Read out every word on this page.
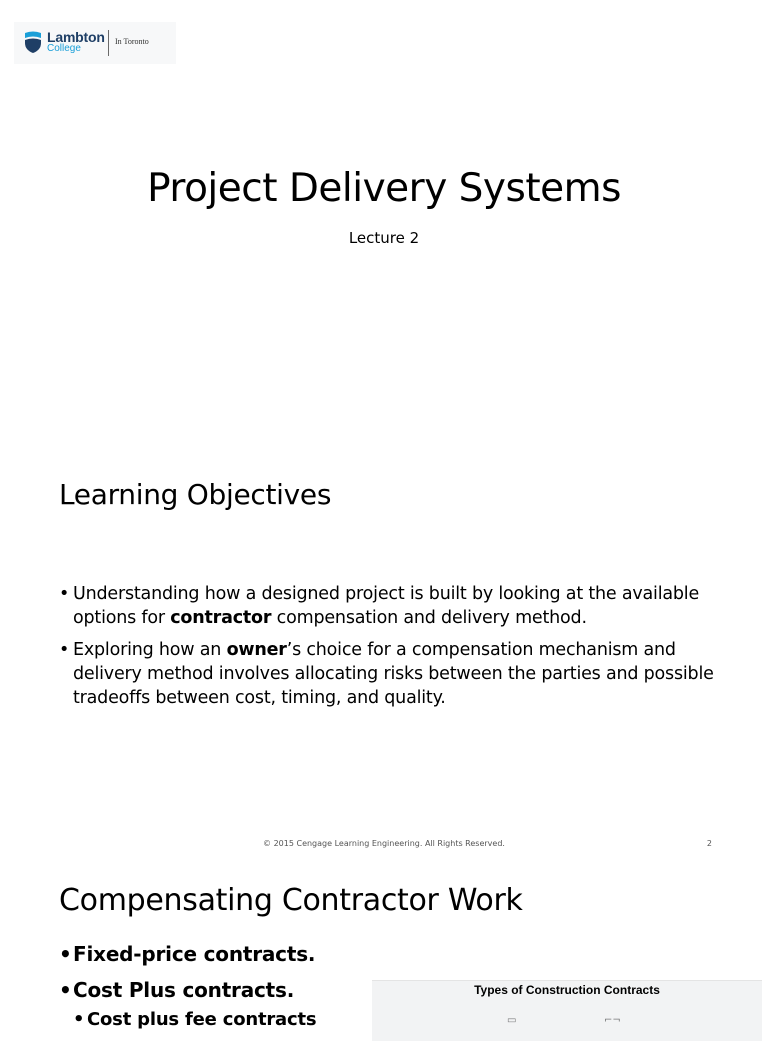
Lambton
College
In Toronto
Project Delivery Systems
Lecture 2
Learning Objectives
• Understanding how a designed project is built by looking at the available options for contractor compensation and delivery method.
• Exploring how an owner’s choice for a compensation mechanism and delivery method involves allocating risks between the parties and possible tradeoffs between cost, timing, and quality.
© 2015 Cengage Learning Engineering. All Rights Reserved.	2
Compensating Contractor Work
• Fixed-price contracts.
• Cost Plus contracts.
• Cost plus fee contracts
Types of Construction Contracts
▭	⌐¬
